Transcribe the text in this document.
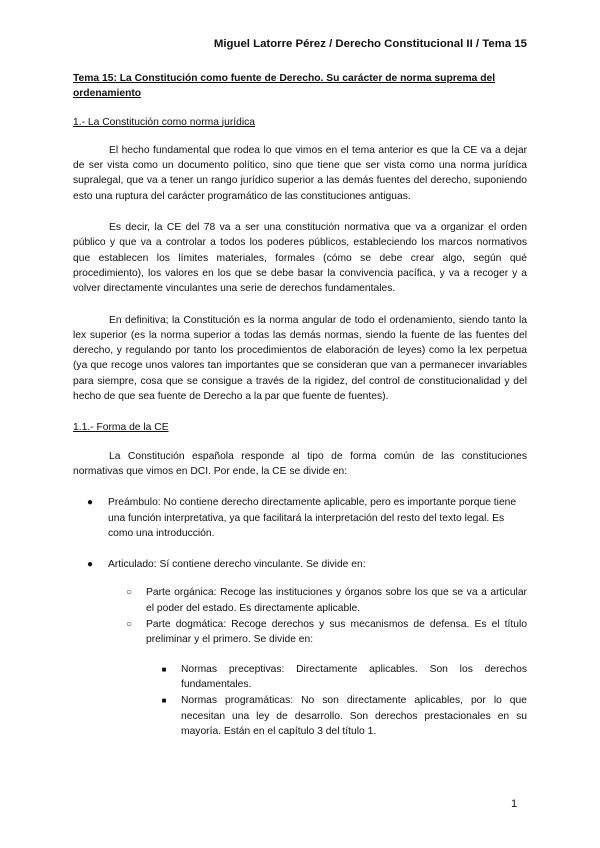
Miguel Latorre Pérez / Derecho Constitucional II / Tema 15

Tema 15: La Constitución como fuente de Derecho. Su carácter de norma suprema del ordenamiento

1.- La Constitución como norma jurídica

El hecho fundamental que rodea lo que vimos en el tema anterior es que la CE va a dejar de ser vista como un documento político, sino que tiene que ser vista como una norma jurídica supralegal, que va a tener un rango jurídico superior a las demás fuentes del derecho, suponiendo esto una ruptura del carácter programático de las constituciones antiguas.

Es decir, la CE del 78 va a ser una constitución normativa que va a organizar el orden público y que va a controlar a todos los poderes públicos, estableciendo los marcos normativos que establecen los límites materiales, formales (cómo se debe crear algo, según qué procedimiento), los valores en los que se debe basar la convivencia pacífica, y va a recoger y a volver directamente vinculantes una serie de derechos fundamentales.

En definitiva; la Constitución es la norma angular de todo el ordenamiento, siendo tanto la lex superior (es la norma superior a todas las demás normas, siendo la fuente de las fuentes del derecho, y regulando por tanto los procedimientos de elaboración de leyes) como la lex perpetua (ya que recoge unos valores tan importantes que se consideran que van a permanecer invariables para siempre, cosa que se consigue a través de la rigidez, del control de constitucionalidad y del hecho de que sea fuente de Derecho a la par que fuente de fuentes).

1.1.- Forma de la CE

La Constitución española responde al tipo de forma común de las constituciones normativas que vimos en DCI. Por ende, la CE se divide en:

● Preámbulo: No contiene derecho directamente aplicable, pero es importante porque tiene una función interpretativa, ya que facilitará la interpretación del resto del texto legal. Es como una introducción.
● Articulado: Sí contiene derecho vinculante. Se divide en:
○ Parte orgánica: Recoge las instituciones y órganos sobre los que se va a articular el poder del estado. Es directamente aplicable.
○ Parte dogmática: Recoge derechos y sus mecanismos de defensa. Es el título preliminar y el primero. Se divide en:
■ Normas preceptivas: Directamente aplicables. Son los derechos fundamentales.
■ Normas programáticas: No son directamente aplicables, por lo que necesitan una ley de desarrollo. Son derechos prestacionales en su mayoría. Están en el capítulo 3 del título 1.
1
